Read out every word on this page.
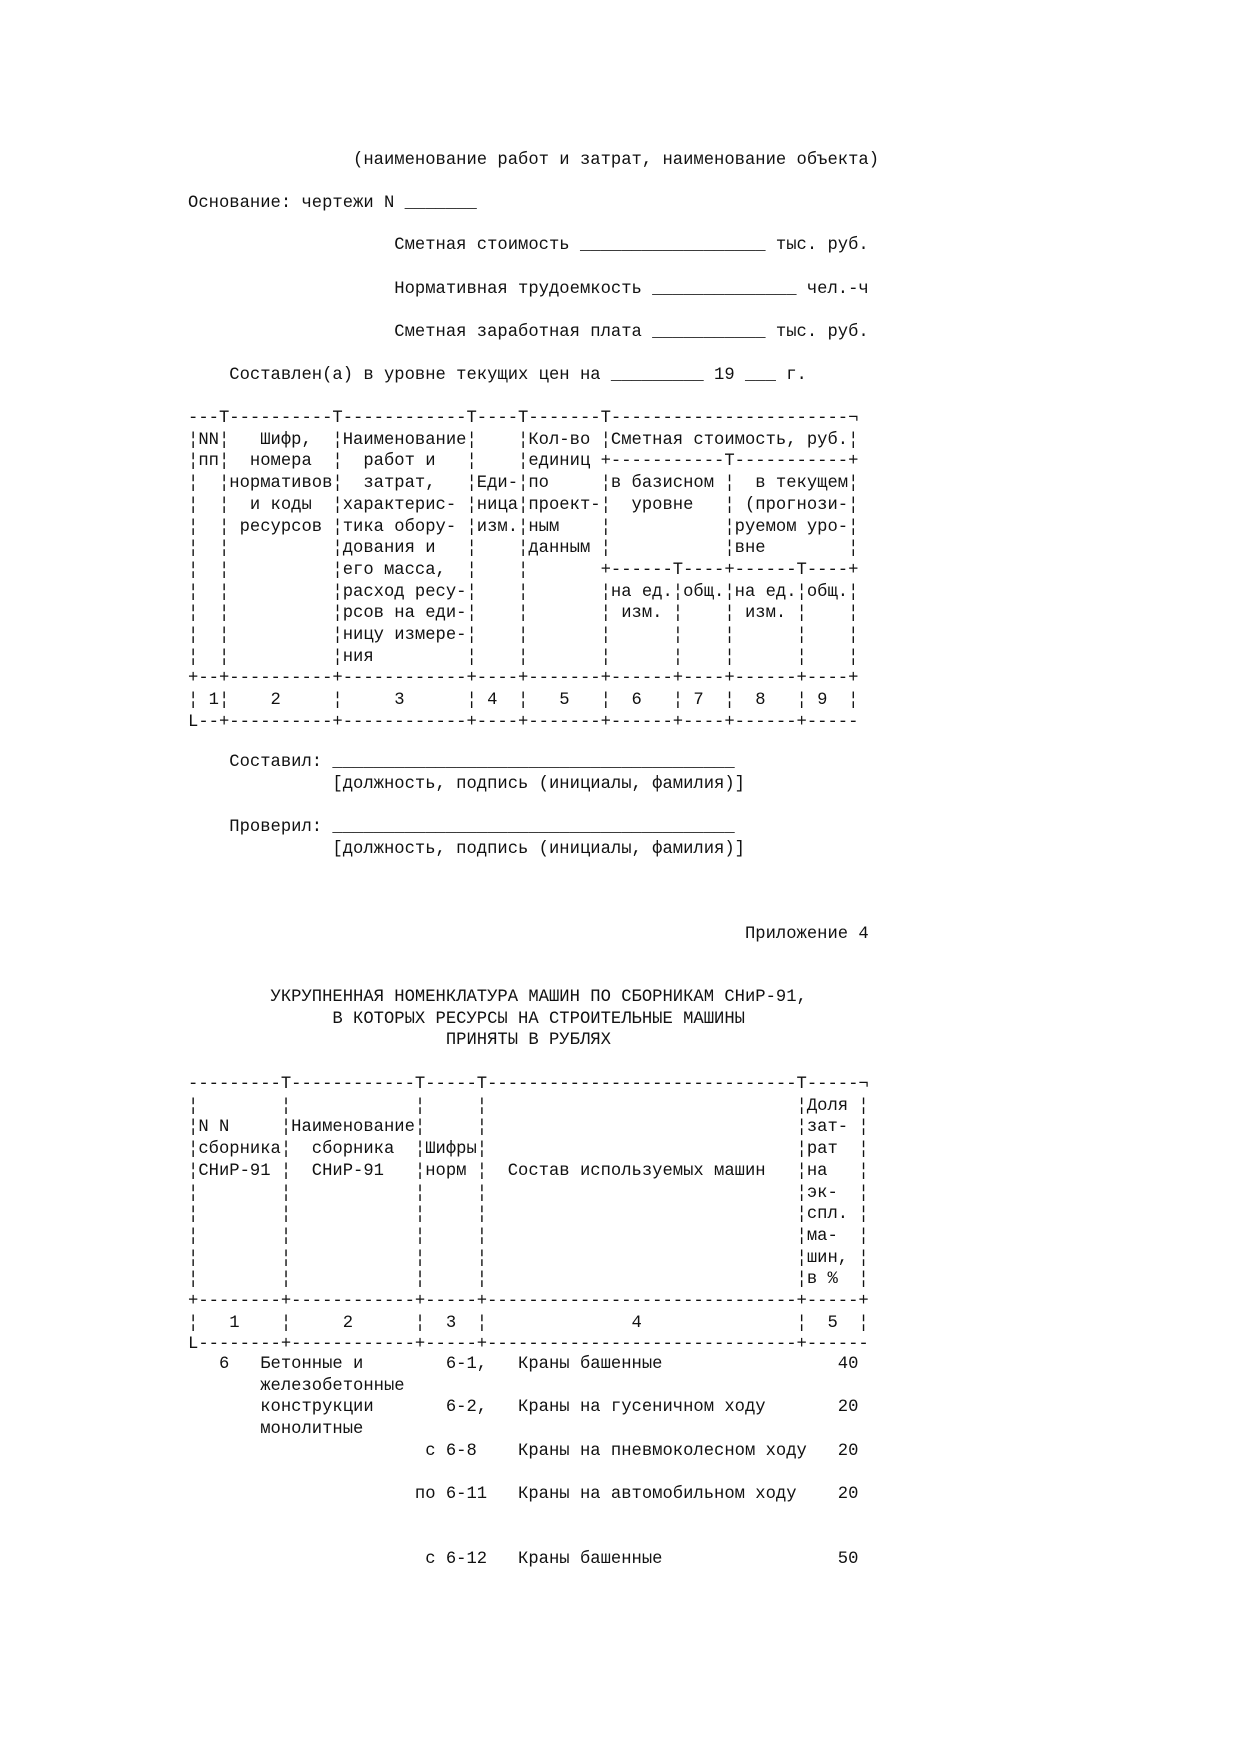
(наименование работ и затрат, наименование объекта)
Основание: чертежи N _______
Сметная стоимость __________________ тыс. руб.
Нормативная трудоемкость ______________ чел.-ч
Сметная заработная плата ___________ тыс. руб.
Составлен(а) в уровне текущих цен на _________ 19 ___ г.
---T----------T------------T----T-------T-----------------------¬
¦NN¦   Шифр,  ¦Наименование¦    ¦Кол-во ¦Сметная стоимость, руб.¦
¦пп¦  номера  ¦  работ и   ¦    ¦единиц +-----------T-----------+
¦  ¦нормативов¦  затрат,   ¦Еди-¦по     ¦в базисном ¦  в текущем¦
¦  ¦  и коды  ¦характерис- ¦ница¦проект-¦  уровне   ¦ (прогнози-¦
¦  ¦ ресурсов ¦тика обору- ¦изм.¦ным    ¦           ¦руемом уро-¦
¦  ¦          ¦дования и   ¦    ¦данным ¦           ¦вне        ¦
¦  ¦          ¦его масса,  ¦    ¦       +------T----+------T----+
¦  ¦          ¦расход ресу-¦    ¦       ¦на ед.¦общ.¦на ед.¦общ.¦
¦  ¦          ¦рсов на еди-¦    ¦       ¦ изм. ¦    ¦ изм. ¦    ¦
¦  ¦          ¦ницу измере-¦    ¦       ¦      ¦    ¦      ¦    ¦
¦  ¦          ¦ния         ¦    ¦       ¦      ¦    ¦      ¦    ¦
+--+----------+------------+----+-------+------+----+------+----+
¦ 1¦    2     ¦     3      ¦ 4  ¦   5   ¦  6   ¦ 7  ¦  8   ¦ 9  ¦
L--+----------+------------+----+-------+------+----+------+-----
Составил: _______________________________________
[должность, подпись (инициалы, фамилия)]

Проверил: _______________________________________
[должность, подпись (инициалы, фамилия)]
Приложение 4
УКРУПНЕННАЯ НОМЕНКЛАТУРА МАШИН ПО СБОРНИКАМ СНиР-91,
В КОТОРЫХ РЕСУРСЫ НА СТРОИТЕЛЬНЫЕ МАШИНЫ
ПРИНЯТЫ В РУБЛЯХ
---------T------------T-----T------------------------------T-----¬
¦        ¦            ¦     ¦                              ¦Доля ¦
¦N N     ¦Наименование¦     ¦                              ¦зат- ¦
¦сборника¦  сборника  ¦Шифры¦                              ¦рат  ¦
¦СНиР-91 ¦  СНиР-91   ¦норм ¦  Состав используемых машин   ¦на   ¦
¦        ¦            ¦     ¦                              ¦эк-  ¦
¦        ¦            ¦     ¦                              ¦спл. ¦
¦        ¦            ¦     ¦                              ¦ма-  ¦
¦        ¦            ¦     ¦                              ¦шин, ¦
¦        ¦            ¦     ¦                              ¦в %  ¦
+--------+------------+-----+------------------------------+-----+
¦   1    ¦     2      ¦  3  ¦              4               ¦  5  ¦
L--------+------------+-----+------------------------------+------
6   Бетонные и        6-1,   Краны башенные                 40
железобетонные
конструкции       6-2,   Краны на гусеничном ходу       20
монолитные
с 6-8    Краны на пневмоколесном ходу   20

по 6-11   Краны на автомобильном ходу    20

с 6-12   Краны башенные                 50
